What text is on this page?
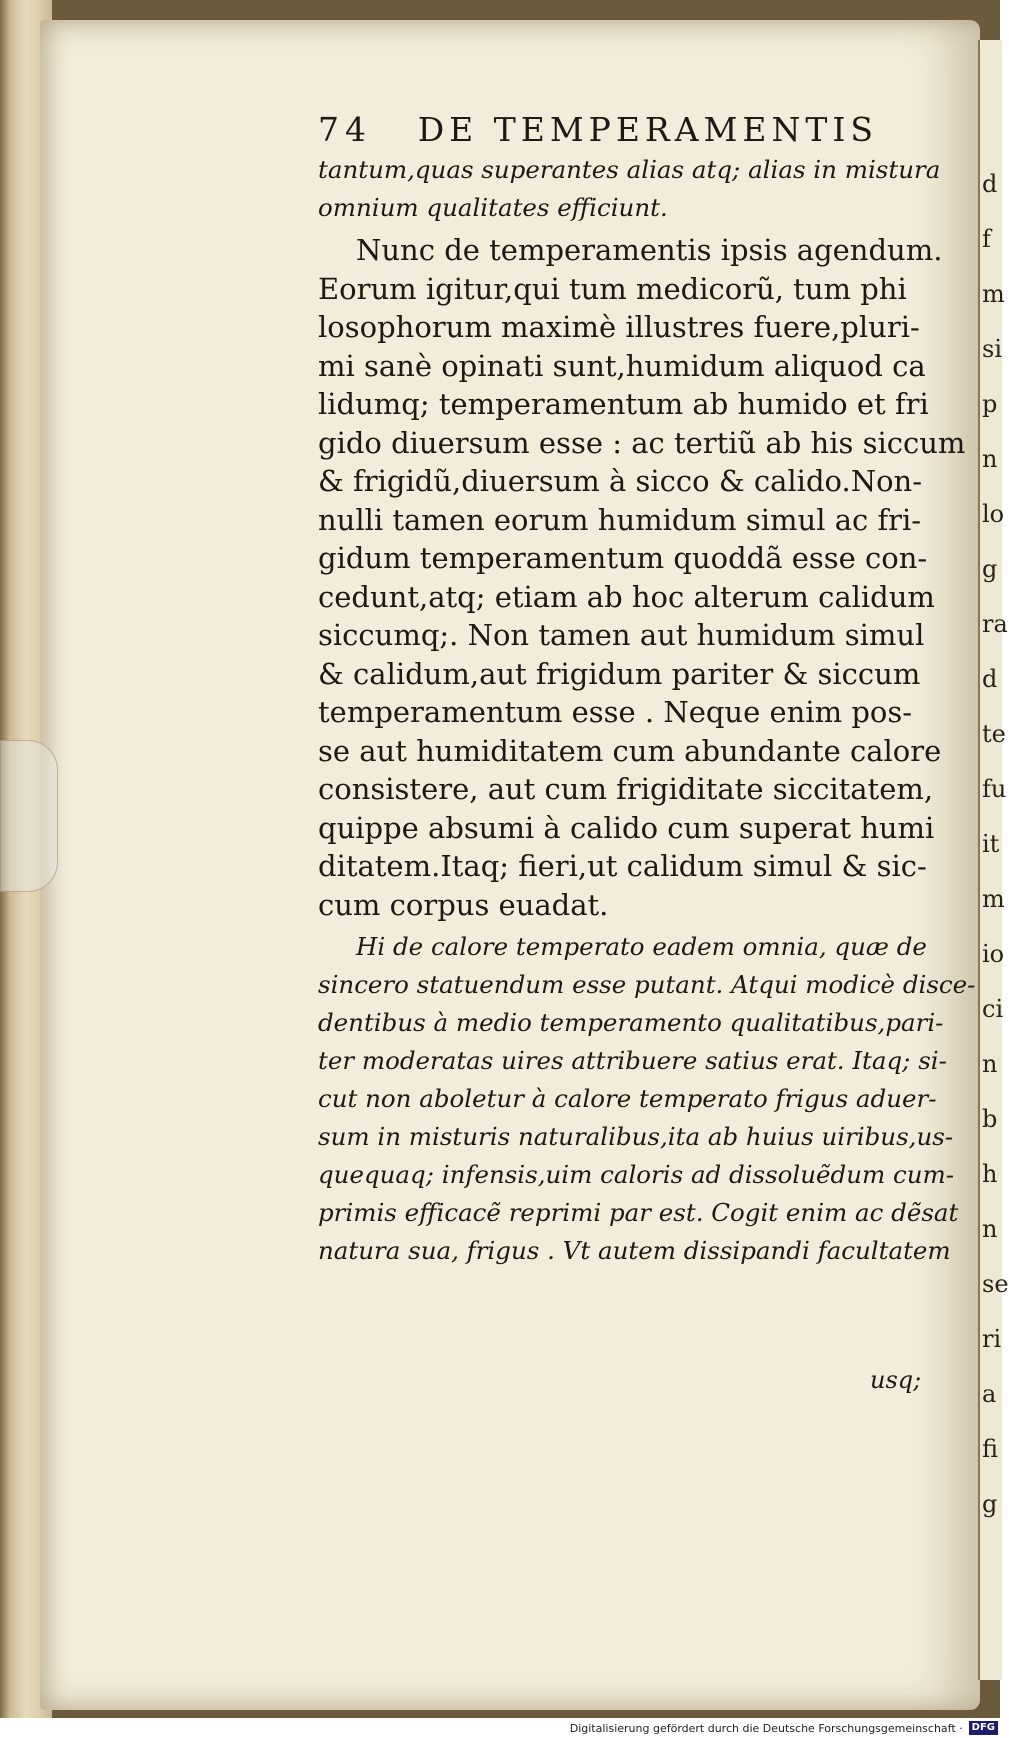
74 DE TEMPERAMENTIS

tantum,quas superantes alias atq; alias in mistura
omnium qualitates efficiunt.

Nunc de temperamentis ipsis agendum.
Eorum igitur,qui tum medicorũ, tum phi
losophorum maximè illustres fuere,pluri-
mi sanè opinati sunt,humidum aliquod ca
lidumq; temperamentum ab humido et fri
gido diuersum esse : ac tertiũ ab his siccum
& frigidũ,diuersum à sicco & calido.Non-
nulli tamen eorum humidum simul ac fri-
gidum temperamentum quoddã esse con-
cedunt,atq; etiam ab hoc alterum calidum
siccumq;. Non tamen aut humidum simul
& calidum,aut frigidum pariter & siccum
temperamentum esse . Neque enim pos-
se aut humiditatem cum abundante calore
consistere, aut cum frigiditate siccitatem,
quippe absumi à calido cum superat humi
ditatem.Itaq; fieri,ut calidum simul & sic-
cum corpus euadat.

Hi de calore temperato eadem omnia, quæ de
sincero statuendum esse putant. Atqui modicè disce-
dentibus à medio temperamento qualitatibus,pari-
ter moderatas uires attribuere satius erat. Itaq; si-
cut non aboletur à calore temperato frigus aduer-
sum in misturis naturalibus,ita ab huius uiribus,us-
quequaq; infensis,uim caloris ad dissoluẽdum cum-
primis efficacẽ reprimi par est. Cogit enim ac dẽsat
natura sua, frigus . Vt autem dissipandi facultatem

usq;
d
f
m
si
p
n
lo
g
ra
d
te
fu
it
m
io
ci
n
b
h
n
se
ri
a
fi
g
Digitalisierung gefördert durch die Deutsche Forschungsgemeinschaft · DFG
